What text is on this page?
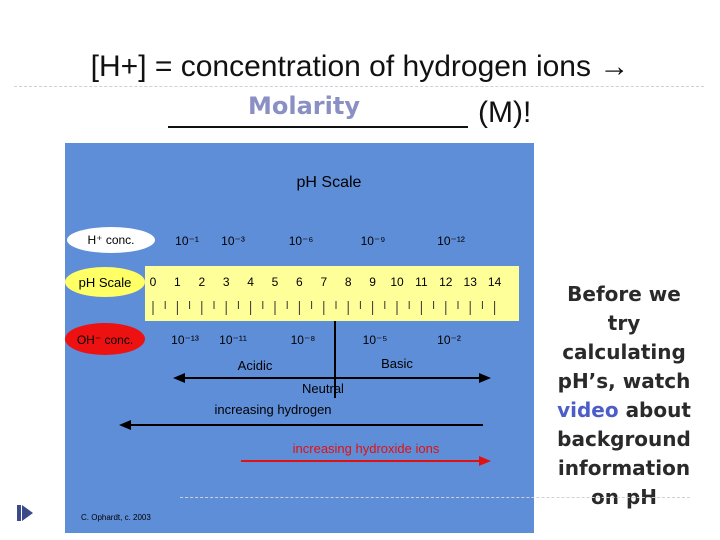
[H+] = concentration of hydrogen ions →
Molarity	(M)!
pH Scale
H⁺ conc.	10⁻¹ 10⁻³	10⁻⁶	10⁻⁹	10⁻¹²
pH Scale 0 1 2 3 4 5 6 7 8 9 10 11 12 13 14
OH⁻ conc.	10⁻¹³ 10⁻¹¹	10⁻⁸	10⁻⁵	10⁻²
Acidic	Basic
Neutral
increasing hydrogen
increasing hydroxide ions
C. Ophardt, c. 2003
Before we try calculating pH’s, watch video about background information on pH
